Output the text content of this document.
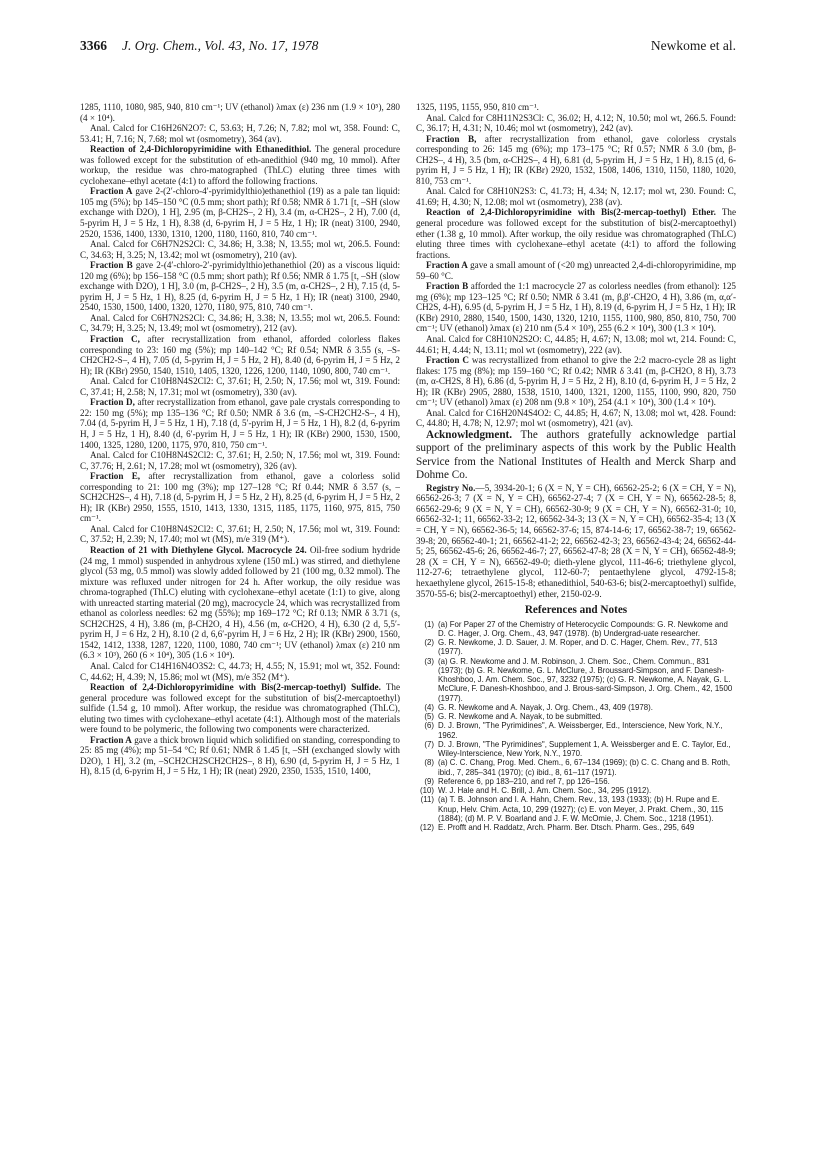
3366 J. Org. Chem., Vol. 43, No. 17, 1978	Newkome et al.

1285, 1110, 1080, 985, 940, 810 cm⁻¹; UV (ethanol) λmax (ε) 236 nm (1.9 × 10⁵), 280 (4 × 10⁴).

Anal. Calcd for C16H26N2O7: C, 53.63; H, 7.26; N, 7.82; mol wt, 358. Found: C, 53.41; H, 7.16; N, 7.68; mol wt (osmometry), 364 (av).

Reaction of 2,4-Dichloropyrimidine with Ethanedithiol. The general procedure was followed except for the substitution of eth-anedithiol (940 mg, 10 mmol). After workup, the residue was chro-matographed (ThLC) eluting three times with cyclohexane–ethyl acetate (4:1) to afford the following fractions.

Fraction A gave 2-(2′-chloro-4′-pyrimidylthio)ethanethiol (19) as a pale tan liquid: 105 mg (5%); bp 145–150 °C (0.5 mm; short path); Rf 0.58; NMR δ 1.71 [t, –SH (slow exchange with D2O), 1 H], 2.95 (m, β-CH2S–, 2 H), 3.4 (m, α-CH2S–, 2 H), 7.00 (d, 5-pyrim H, J = 5 Hz, 1 H), 8.38 (d, 6-pyrim H, J = 5 Hz, 1 H); IR (neat) 3100, 2940, 2520, 1536, 1400, 1330, 1310, 1200, 1180, 1160, 810, 740 cm⁻¹.

Anal. Calcd for C6H7N2S2Cl: C, 34.86; H, 3.38; N, 13.55; mol wt, 206.5. Found: C, 34.63; H, 3.25; N, 13.42; mol wt (osmometry), 210 (av).

Fraction B gave 2-(4′-chloro-2′-pyrimidylthio)ethanethiol (20) as a viscous liquid: 120 mg (6%); bp 156–158 °C (0.5 mm; short path); Rf 0.56; NMR δ 1.75 [t, –SH (slow exchange with D2O), 1 H], 3.0 (m, β-CH2S–, 2 H), 3.5 (m, α-CH2S–, 2 H), 7.15 (d, 5-pyrim H, J = 5 Hz, 1 H), 8.25 (d, 6-pyrim H, J = 5 Hz, 1 H); IR (neat) 3100, 2940, 2540, 1530, 1500, 1400, 1320, 1270, 1180, 975, 810, 740 cm⁻¹.

Anal. Calcd for C6H7N2S2Cl: C, 34.86; H, 3.38; N, 13.55; mol wt, 206.5. Found: C, 34.79; H, 3.25; N, 13.49; mol wt (osmometry), 212 (av).

Fraction C, after recrystallization from ethanol, afforded colorless flakes corresponding to 23: 160 mg (5%); mp 140–142 °C; Rf 0.54; NMR δ 3.55 (s, –S-CH2CH2-S–, 4 H), 7.05 (d, 5-pyrim H, J = 5 Hz, 2 H), 8.40 (d, 6-pyrim H, J = 5 Hz, 2 H); IR (KBr) 2950, 1540, 1510, 1405, 1320, 1226, 1200, 1140, 1090, 800, 740 cm⁻¹.

Anal. Calcd for C10H8N4S2Cl2: C, 37.61; H, 2.50; N, 17.56; mol wt, 319. Found: C, 37.41; H, 2.58; N, 17.31; mol wt (osmometry), 330 (av).

Fraction D, after recrystallization from ethanol, gave pale crystals corresponding to 22: 150 mg (5%); mp 135–136 °C; Rf 0.50; NMR δ 3.6 (m, –S-CH2CH2-S–, 4 H), 7.04 (d, 5-pyrim H, J = 5 Hz, 1 H), 7.18 (d, 5′-pyrim H, J = 5 Hz, 1 H), 8.2 (d, 6-pyrim H, J = 5 Hz, 1 H), 8.40 (d, 6′-pyrim H, J = 5 Hz, 1 H); IR (KBr) 2900, 1530, 1500, 1400, 1325, 1280, 1200, 1175, 970, 810, 750 cm⁻¹.

Anal. Calcd for C10H8N4S2Cl2: C, 37.61; H, 2.50; N, 17.56; mol wt, 319. Found: C, 37.76; H, 2.61; N, 17.28; mol wt (osmometry), 326 (av).

Fraction E, after recrystallization from ethanol, gave a colorless solid corresponding to 21: 100 mg (3%); mp 127–128 °C; Rf 0.44; NMR δ 3.57 (s, –SCH2CH2S–, 4 H), 7.18 (d, 5-pyrim H, J = 5 Hz, 2 H), 8.25 (d, 6-pyrim H, J = 5 Hz, 2 H); IR (KBr) 2950, 1555, 1510, 1413, 1330, 1315, 1185, 1175, 1160, 975, 815, 750 cm⁻¹.

Anal. Calcd for C10H8N4S2Cl2: C, 37.61; H, 2.50; N, 17.56; mol wt, 319. Found: C, 37.52; H, 2.39; N, 17.40; mol wt (MS), m/e 319 (M⁺).

Reaction of 21 with Diethylene Glycol. Macrocycle 24. Oil-free sodium hydride (24 mg, 1 mmol) suspended in anhydrous xylene (150 mL) was stirred, and diethylene glycol (53 mg, 0.5 mmol) was slowly added followed by 21 (100 mg, 0.32 mmol). The mixture was refluxed under nitrogen for 24 h. After workup, the oily residue was chroma-tographed (ThLC) eluting with cyclohexane–ethyl acetate (1:1) to give, along with unreacted starting material (20 mg), macrocycle 24, which was recrystallized from ethanol as colorless needles: 62 mg (55%); mp 169–172 °C; Rf 0.13; NMR δ 3.71 (s, SCH2CH2S, 4 H), 3.86 (m, β-CH2O, 4 H), 4.56 (m, α-CH2O, 4 H), 6.30 (2 d, 5,5′-pyrim H, J = 6 Hz, 2 H), 8.10 (2 d, 6,6′-pyrim H, J = 6 Hz, 2 H); IR (KBr) 2900, 1560, 1542, 1412, 1338, 1287, 1220, 1100, 1080, 740 cm⁻¹; UV (ethanol) λmax (ε) 210 nm (6.3 × 10³), 260 (6 × 10⁴), 305 (1.6 × 10⁴).

Anal. Calcd for C14H16N4O3S2: C, 44.73; H, 4.55; N, 15.91; mol wt, 352. Found: C, 44.62; H, 4.39; N, 15.86; mol wt (MS), m/e 352 (M⁺).

Reaction of 2,4-Dichloropyrimidine with Bis(2-mercap-toethyl) Sulfide. The general procedure was followed except for the substitution of bis(2-mercaptoethyl) sulfide (1.54 g, 10 mmol). After workup, the residue was chromatographed (ThLC), eluting two times with cyclohexane–ethyl acetate (4:1). Although most of the materials were found to be polymeric, the following two components were characterized.

Fraction A gave a thick brown liquid which solidified on standing, corresponding to 25: 85 mg (4%); mp 51–54 °C; Rf 0.61; NMR δ 1.45 [t, –SH (exchanged slowly with D2O), 1 H], 3.2 (m, –SCH2CH2SCH2CH2S–, 8 H), 6.90 (d, 5-pyrim H, J = 5 Hz, 1 H), 8.15 (d, 6-pyrim H, J = 5 Hz, 1 H); IR (neat) 2920, 2350, 1535, 1510, 1400,

1325, 1195, 1155, 950, 810 cm⁻¹.

Anal. Calcd for C8H11N2S3Cl: C, 36.02; H, 4.12; N, 10.50; mol wt, 266.5. Found: C, 36.17; H, 4.31; N, 10.46; mol wt (osmometry), 242 (av).

Fraction B, after recrystallization from ethanol, gave colorless crystals corresponding to 26: 145 mg (6%); mp 173–175 °C; Rf 0.57; NMR δ 3.0 (bm, β-CH2S–, 4 H), 3.5 (bm, α-CH2S–, 4 H), 6.81 (d, 5-pyrim H, J = 5 Hz, 1 H), 8.15 (d, 6-pyrim H, J = 5 Hz, 1 H); IR (KBr) 2920, 1532, 1508, 1406, 1310, 1150, 1180, 1020, 810, 753 cm⁻¹.

Anal. Calcd for C8H10N2S3: C, 41.73; H, 4.34; N, 12.17; mol wt, 230. Found: C, 41.69; H, 4.30; N, 12.08; mol wt (osmometry), 238 (av).

Reaction of 2,4-Dichloropyrimidine with Bis(2-mercap-toethyl) Ether. The general procedure was followed except for the substitution of bis(2-mercaptoethyl) ether (1.38 g, 10 mmol). After workup, the oily residue was chromatographed (ThLC) eluting three times with cyclohexane–ethyl acetate (4:1) to afford the following fractions.

Fraction A gave a small amount of (<20 mg) unreacted 2,4-di-chloropyrimidine, mp 59–60 °C.

Fraction B afforded the 1:1 macrocycle 27 as colorless needles (from ethanol): 125 mg (6%); mp 123–125 °C; Rf 0.50; NMR δ 3.41 (m, β,β′-CH2O, 4 H), 3.86 (m, α,α′-CH2S, 4-H), 6.95 (d, 5-pyrim H, J = 5 Hz, 1 H), 8.19 (d, 6-pyrim H, J = 5 Hz, 1 H); IR (KBr) 2910, 2880, 1540, 1500, 1430, 1320, 1210, 1155, 1100, 980, 850, 810, 750, 700 cm⁻¹; UV (ethanol) λmax (ε) 210 nm (5.4 × 10³), 255 (6.2 × 10⁴), 300 (1.3 × 10⁴).

Anal. Calcd for C8H10N2S2O: C, 44.85; H, 4.67; N, 13.08; mol wt, 214. Found: C, 44.61; H, 4.44; N, 13.11; mol wt (osmometry), 222 (av).

Fraction C was recrystallized from ethanol to give the 2:2 macro-cycle 28 as light flakes: 175 mg (8%); mp 159–160 °C; Rf 0.42; NMR δ 3.41 (m, β-CH2O, 8 H), 3.73 (m, α-CH2S, 8 H), 6.86 (d, 5-pyrim H, J = 5 Hz, 2 H), 8.10 (d, 6-pyrim H, J = 5 Hz, 2 H); IR (KBr) 2905, 2880, 1538, 1510, 1400, 1321, 1200, 1155, 1100, 990, 820, 750 cm⁻¹; UV (ethanol) λmax (ε) 208 nm (9.8 × 10³), 254 (4.1 × 10⁴), 300 (1.4 × 10⁴).

Anal. Calcd for C16H20N4S4O2: C, 44.85; H, 4.67; N, 13.08; mol wt, 428. Found: C, 44.80; H, 4.78; N, 12.97; mol wt (osmometry), 421 (av).

Acknowledgment. The authors gratefully acknowledge partial support of the preliminary aspects of this work by the Public Health Service from the National Institutes of Health and Merck Sharp and Dohme Co.

Registry No.—5, 3934-20-1; 6 (X = N, Y = CH), 66562-25-2; 6 (X = CH, Y = N), 66562-26-3; 7 (X = N, Y = CH), 66562-27-4; 7 (X = CH, Y = N), 66562-28-5; 8, 66562-29-6; 9 (X = N, Y = CH), 66562-30-9; 9 (X = CH, Y = N), 66562-31-0; 10, 66562-32-1; 11, 66562-33-2; 12, 66562-34-3; 13 (X = N, Y = CH), 66562-35-4; 13 (X = CH, Y = N), 66562-36-5; 14, 66562-37-6; 15, 874-14-6; 17, 66562-38-7; 19, 66562-39-8; 20, 66562-40-1; 21, 66562-41-2; 22, 66562-42-3; 23, 66562-43-4; 24, 66562-44-5; 25, 66562-45-6; 26, 66562-46-7; 27, 66562-47-8; 28 (X = N, Y = CH), 66562-48-9; 28 (X = CH, Y = N), 66562-49-0; dieth-ylene glycol, 111-46-6; triethylene glycol, 112-27-6; tetraethylene glycol, 112-60-7; pentaethylene glycol, 4792-15-8; hexaethylene glycol, 2615-15-8; ethanedithiol, 540-63-6; bis(2-mercaptoethyl) sulfide, 3570-55-6; bis(2-mercaptoethyl) ether, 2150-02-9.

References and Notes
(1) (a) For Paper 27 of the Chemistry of Heterocyclic Compounds: G. R. Newkome and D. C. Hager, J. Org. Chem., 43, 947 (1978). (b) Undergrad-uate researcher.
(2) G. R. Newkome, J. D. Sauer, J. M. Roper, and D. C. Hager, Chem. Rev., 77, 513 (1977).
(3) (a) G. R. Newkome and J. M. Robinson, J. Chem. Soc., Chem. Commun., 831 (1973); (b) G. R. Newkome, G. L. McClure, J. Broussard-Simpson, and F. Danesh-Khoshboo, J. Am. Chem. Soc., 97, 3232 (1975); (c) G. R. Newkome, A. Nayak, G. L. McClure, F. Danesh-Khoshboo, and J. Brous-sard-Simpson, J. Org. Chem., 42, 1500 (1977).
(4) G. R. Newkome and A. Nayak, J. Org. Chem., 43, 409 (1978).
(5) G. R. Newkome and A. Nayak, to be submitted.
(6) D. J. Brown, "The Pyrimidines", A. Weissberger, Ed., Interscience, New York, N.Y., 1962.
(7) D. J. Brown, "The Pyrimidines", Supplement 1, A. Weissberger and E. C. Taylor, Ed., Wiley-Interscience, New York, N.Y., 1970.
(8) (a) C. C. Chang, Prog. Med. Chem., 6, 67–134 (1969); (b) C. C. Chang and B. Roth, ibid., 7, 285–341 (1970); (c) ibid., 8, 61–117 (1971).
(9) Reference 6, pp 183–210, and ref 7, pp 126–156.
(10) W. J. Hale and H. C. Brill, J. Am. Chem. Soc., 34, 295 (1912).
(11) (a) T. B. Johnson and I. A. Hahn, Chem. Rev., 13, 193 (1933); (b) H. Rupe and E. Knup, Helv. Chim. Acta, 10, 299 (1927); (c) E. von Meyer, J. Prakt. Chem., 30, 115 (1884); (d) M. P. V. Boarland and J. F. W. McOmie, J. Chem. Soc., 1218 (1951).
(12) E. Profft and H. Raddatz, Arch. Pharm. Ber. Dtsch. Pharm. Ges., 295, 649
